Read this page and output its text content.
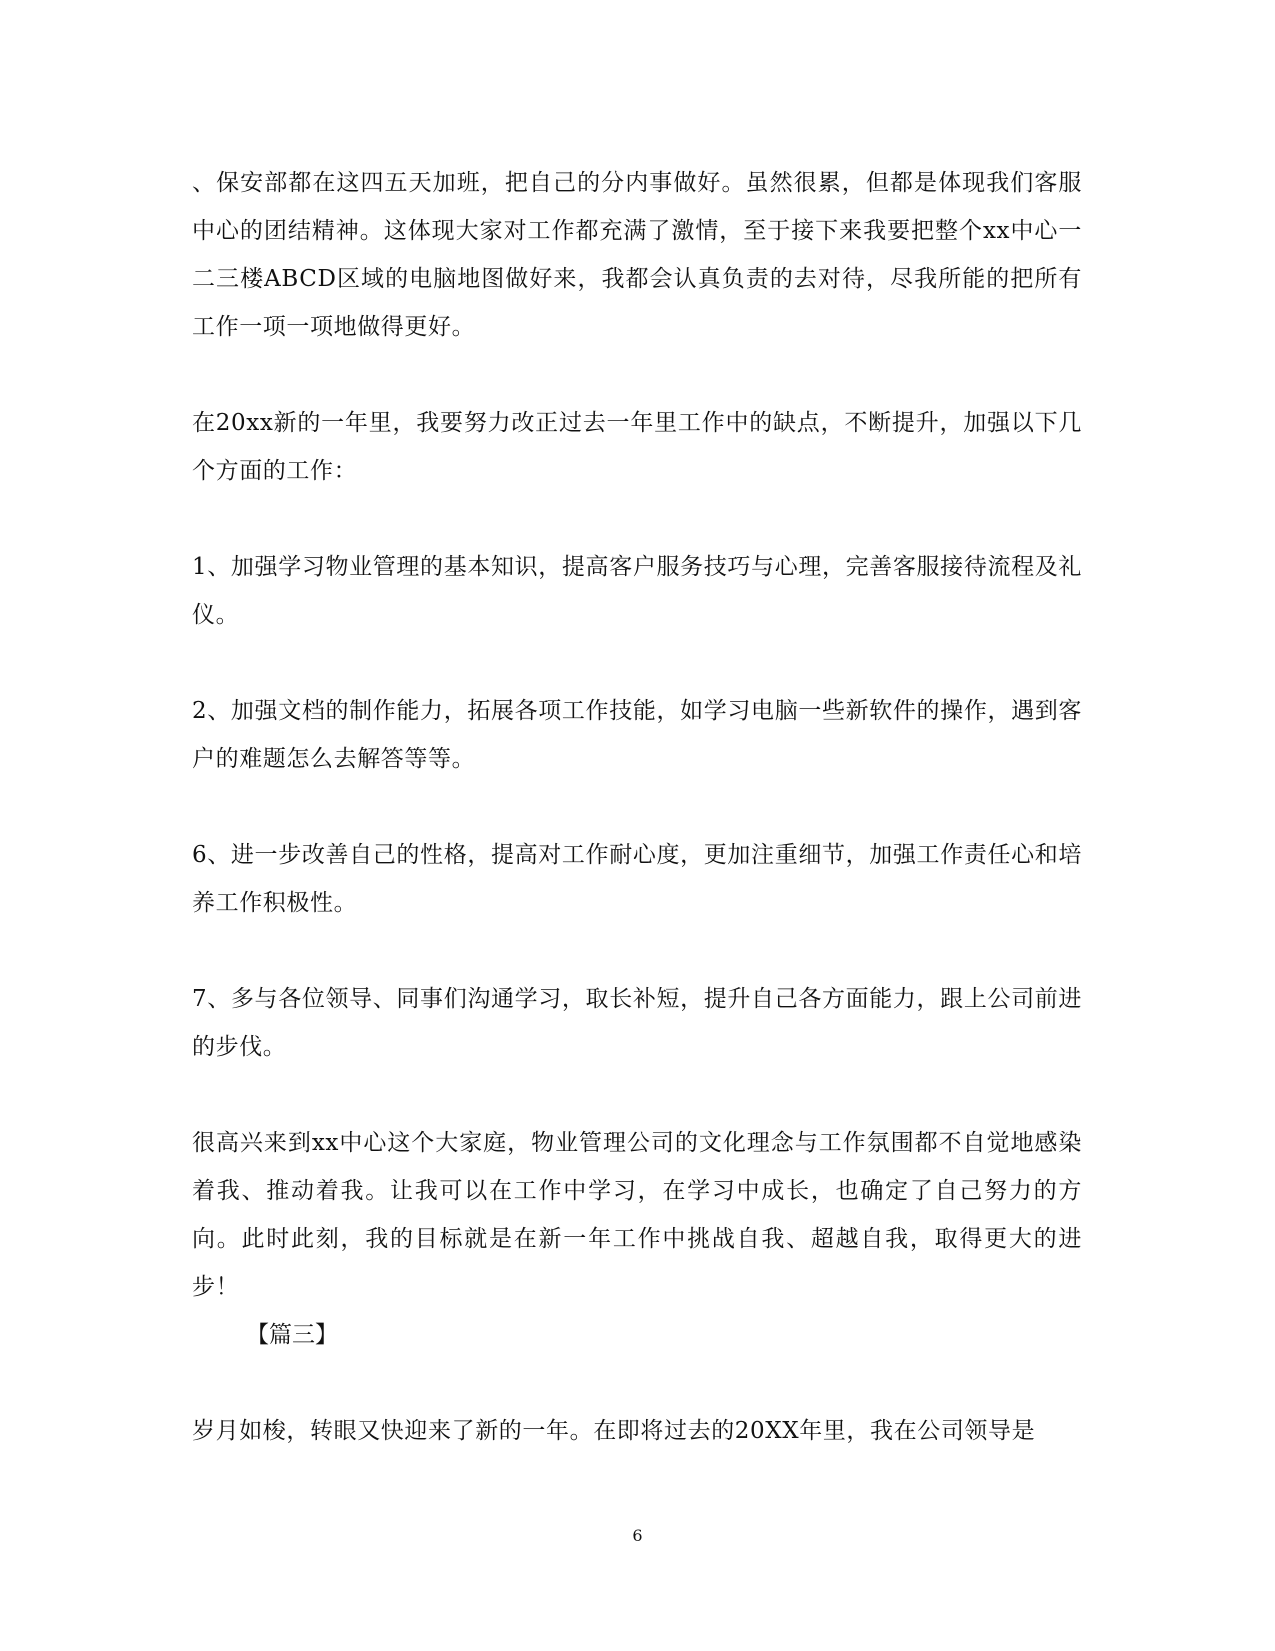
、保安部都在这四五天加班，把自己的分内事做好。虽然很累，但都是体现我们客服中心的团结精神。这体现大家对工作都充满了激情，至于接下来我要把整个xx中心一二三楼ABCD区域的电脑地图做好来，我都会认真负责的去对待，尽我所能的把所有工作一项一项地做得更好。

在20xx新的一年里，我要努力改正过去一年里工作中的缺点，不断提升，加强以下几个方面的工作：

1、加强学习物业管理的基本知识，提高客户服务技巧与心理，完善客服接待流程及礼仪。

2、加强文档的制作能力，拓展各项工作技能，如学习电脑一些新软件的操作，遇到客户的难题怎么去解答等等。

6、进一步改善自己的性格，提高对工作耐心度，更加注重细节，加强工作责任心和培养工作积极性。

7、多与各位领导、同事们沟通学习，取长补短，提升自己各方面能力，跟上公司前进的步伐。

很高兴来到xx中心这个大家庭，物业管理公司的文化理念与工作氛围都不自觉地感染着我、推动着我。让我可以在工作中学习，在学习中成长，也确定了自己努力的方向。此时此刻，我的目标就是在新一年工作中挑战自我、超越自我，取得更大的进步！

【篇三】

岁月如梭，转眼又快迎来了新的一年。在即将过去的20XX年里，我在公司领导是

6
